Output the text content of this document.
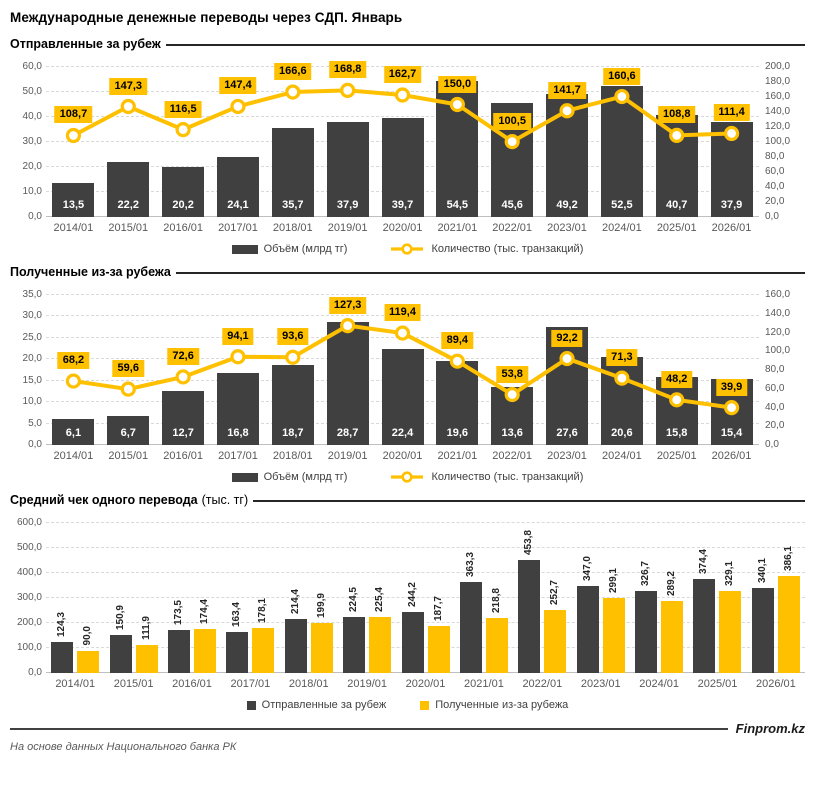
Международные денежные переводы через СДП. Январь
Отправленные за рубеж
0,0
10,0
20,0
30,0
40,0
50,0
60,0
13,5	22,2	20,2	24,1	35,7	37,9	39,7	54,5	45,6	49,2	52,5	40,7	37,9
108,7
147,3
116,5
147,4
166,6	168,8	162,7
150,0
100,5
141,7
160,6
108,8	111,4
0,0
20,0
40,0
60,0
80,0
100,0
120,0
140,0
160,0
180,0
200,0
2014/01	2015/01	2016/01	2017/01	2018/01	2019/01	2020/01	2021/01	2022/01	2023/01	2024/01	2025/01	2026/01
Объём (млрд тг)	Количество (тыс. транзакций)
Полученные из-за рубежа
0,0
5,0
10,0
15,0
20,0
25,0
30,0
35,0
6,1	6,7	12,7	16,8	18,7	28,7	22,4	19,6	13,6	27,6	20,6	15,8	15,4
68,2
59,6
72,6
94,1	93,6
127,3
119,4
89,4
53,8
92,2
71,3
48,2
39,9
0,0
20,0
40,0
60,0
80,0
100,0
120,0
140,0
160,0
2014/01	2015/01	2016/01	2017/01	2018/01	2019/01	2020/01	2021/01	2022/01	2023/01	2024/01	2025/01	2026/01
Объём (млрд тг)	Количество (тыс. транзакций)
Средний чек одного перевода (тыс. тг)
0,0
100,0
200,0
300,0
400,0
500,0
600,0
124,3 90,0
150,9 111,9
173,5 174,4 163,4 178,1 214,4 199,9 224,5 225,4 244,2
187,7
363,3
218,8
453,8
252,7
347,0 299,1 326,7 289,2
374,4 329,1 340,1 386,1
2014/01	2015/01	2016/01	2017/01	2018/01	2019/01	2020/01	2021/01	2022/01	2023/01	2024/01	2025/01	2026/01
Отправленные за рубеж	Полученные из-за рубежа
Finprom.kz
На основе данных Национального банка РК
